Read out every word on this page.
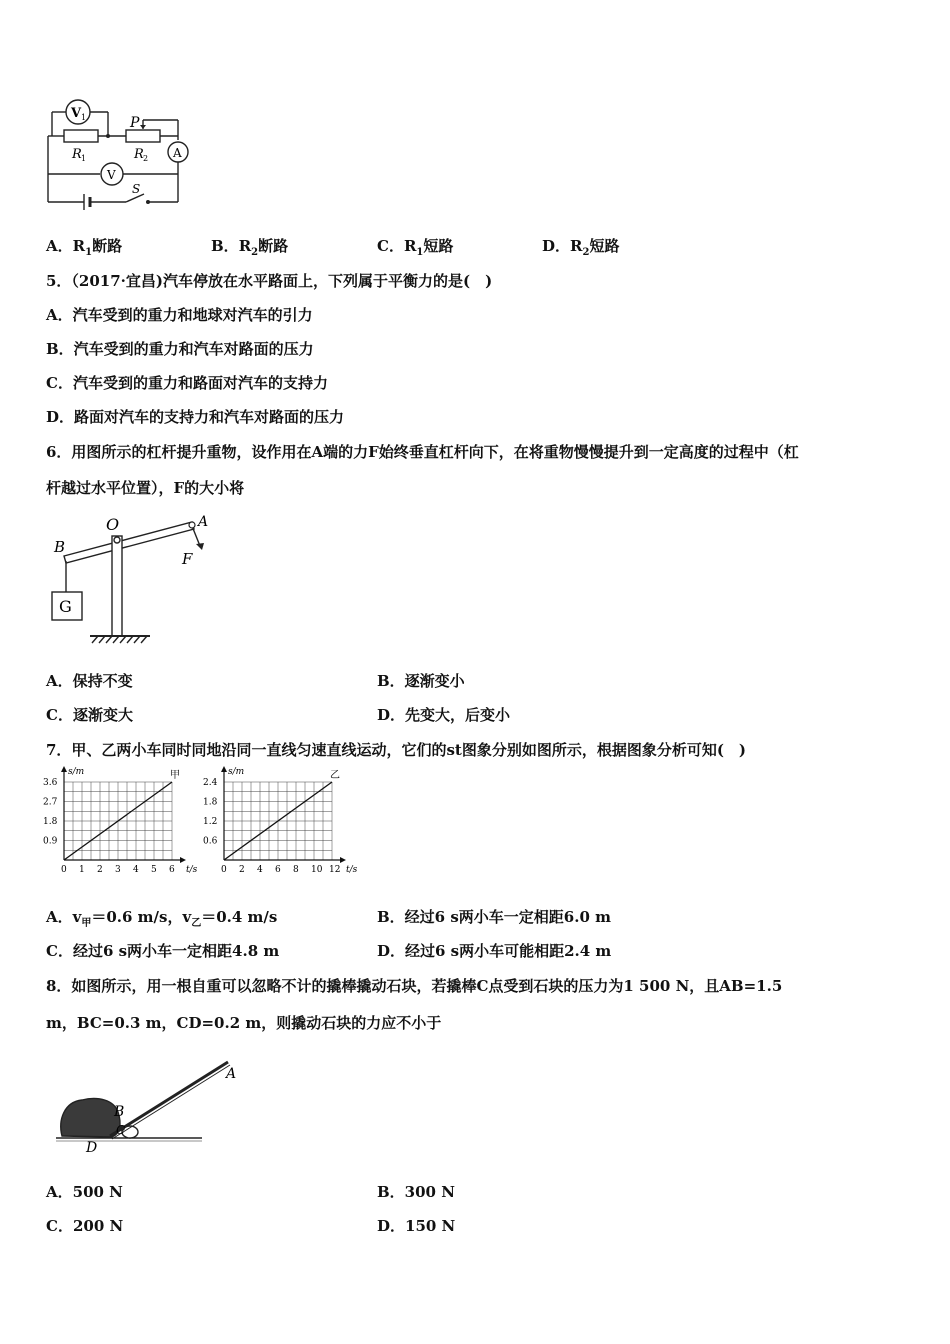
V 1	P
R 1	R 2 A
V
S
A．$R_1$断路	B．$R_2$断路	C．$R_1$短路	D．$R_2$短路
5．（2017·宜昌)汽车停放在水平路面上，下列属于平衡力的是(　)
A．汽车受到的重力和地球对汽车的引力
B．汽车受到的重力和汽车对路面的压力
C．汽车受到的重力和路面对汽车的支持力
D．路面对汽车的支持力和汽车对路面的压力
6．用图所示的杠杆提升重物，设作用在A端的力F始终垂直杠杆向下，在将重物慢慢提升到一定高度的过程中（杠
杆越过水平位置），F的大小将
O	A
B
F
G
A．保持不变	B．逐渐变小
C．逐渐变大	D．先变大，后变小
7．甲、乙两小车同时同地沿同一直线匀速直线运动，它们的st图象分别如图所示，根据图象分析可知(　)
0 1 2 3 4 5 6
0.9
1.8
2.7
3.6
t/s
s/m	甲
0 2 4 6 8 10 12
0.6
1.2
1.8
2.4
t/s
s/m	乙
A．$v_甲=0.6$ m/s，$v_乙=0.4$ m/s	B．经过6 s两小车一定相距6.0 m
C．经过6 s两小车一定相距4.8 m	D．经过6 s两小车可能相距2.4 m
8．如图所示，用一根自重可以忽略不计的撬棒撬动石块，若撬棒C点受到石块的压力为1 500 N，且AB=1.5
m，BC=0.3 m，CD=0.2 m，则撬动石块的力应不小于
A
B
C
D
A．500 N	B．300 N
C．200 N	D．150 N
